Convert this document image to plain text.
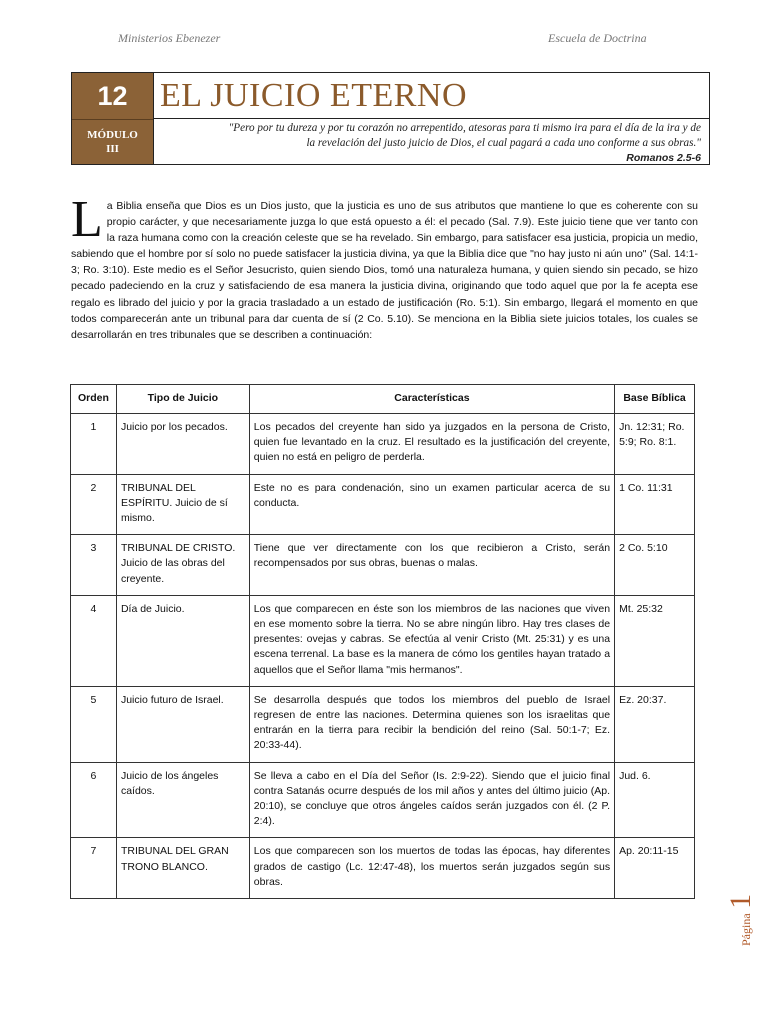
Ministerios Ebenezer	Escuela de Doctrina
12
MÓDULO
III
EL JUICIO ETERNO
"Pero por tu dureza y por tu corazón no arrepentido, atesoras para ti mismo ira para el día de la ira y de
la revelación del justo juicio de Dios, el cual pagará a cada uno conforme a sus obras."
Romanos 2.5-6
L a Biblia enseña que Dios es un Dios justo, que la justicia es uno de sus atributos que mantiene lo que es coherente con su propio carácter, y que necesariamente juzga lo que está opuesto a él: el pecado (Sal. 7.9). Este juicio tiene que ver tanto con la raza humana como con la creación celeste que se ha revelado. Sin embargo, para satisfacer esa justicia, propicia un medio, sabiendo que el hombre por sí solo no puede satisfacer la justicia divina, ya que la Biblia dice que "no hay justo ni aún uno" (Sal. 14:1-3; Ro. 3:10). Este medio es el Señor Jesucristo, quien siendo Dios, tomó una naturaleza humana, y quien siendo sin pecado, se hizo pecado padeciendo en la cruz y satisfaciendo de esa manera la justicia divina, originando que todo aquel que por la fe acepta ese regalo es librado del juicio y por la gracia trasladado a un estado de justificación (Ro. 5:1). Sin embargo, llegará el momento en que todos comparecerán ante un tribunal para dar cuenta de sí (2 Co. 5.10). Se menciona en la Biblia siete juicios totales, los cuales se desarrollarán en tres tribunales que se describen a continuación:
Orden	Tipo de Juicio	Características	Base Bíblica
1	Juicio por los pecados.	Los pecados del creyente han sido ya juzgados en la persona de Cristo, quien fue levantado en la cruz. El resultado es la justificación del creyente, quien no está en peligro de perderla.	Jn. 12:31; Ro. 5:9; Ro. 8:1.
2	TRIBUNAL DEL ESPÍRITU. Juicio de sí mismo.	Este no es para condenación, sino un examen particular acerca de su conducta.	1 Co. 11:31
3	TRIBUNAL DE CRISTO. Juicio de las obras del creyente.	Tiene que ver directamente con los que recibieron a Cristo, serán recompensados por sus obras, buenas o malas.	2 Co. 5:10
4	Día de Juicio.	Los que comparecen en éste son los miembros de las naciones que viven en ese momento sobre la tierra. No se abre ningún libro. Hay tres clases de presentes: ovejas y cabras. Se efectúa al venir Cristo (Mt. 25:31) y es una escena terrenal. La base es la manera de cómo los gentiles hayan tratado a aquellos que el Señor llama "mis hermanos".	Mt. 25:32
5	Juicio futuro de Israel.	Se desarrolla después que todos los miembros del pueblo de Israel regresen de entre las naciones. Determina quienes son los israelitas que entrarán en la tierra para recibir la bendición del reino (Sal. 50:1-7; Ez. 20:33-44).	Ez. 20:37.
6	Juicio de los ángeles caídos.	Se lleva a cabo en el Día del Señor (Is. 2:9-22). Siendo que el juicio final contra Satanás ocurre después de los mil años y antes del último juicio (Ap. 20:10), se concluye que otros ángeles caídos serán juzgados con él. (2 P. 2:4).	Jud. 6.
7	TRIBUNAL DEL GRAN TRONO BLANCO.	Los que comparecen son los muertos de todas las épocas, hay diferentes grados de castigo (Lc. 12:47-48), los muertos serán juzgados según sus obras.	Ap. 20:11-15
Página 1
